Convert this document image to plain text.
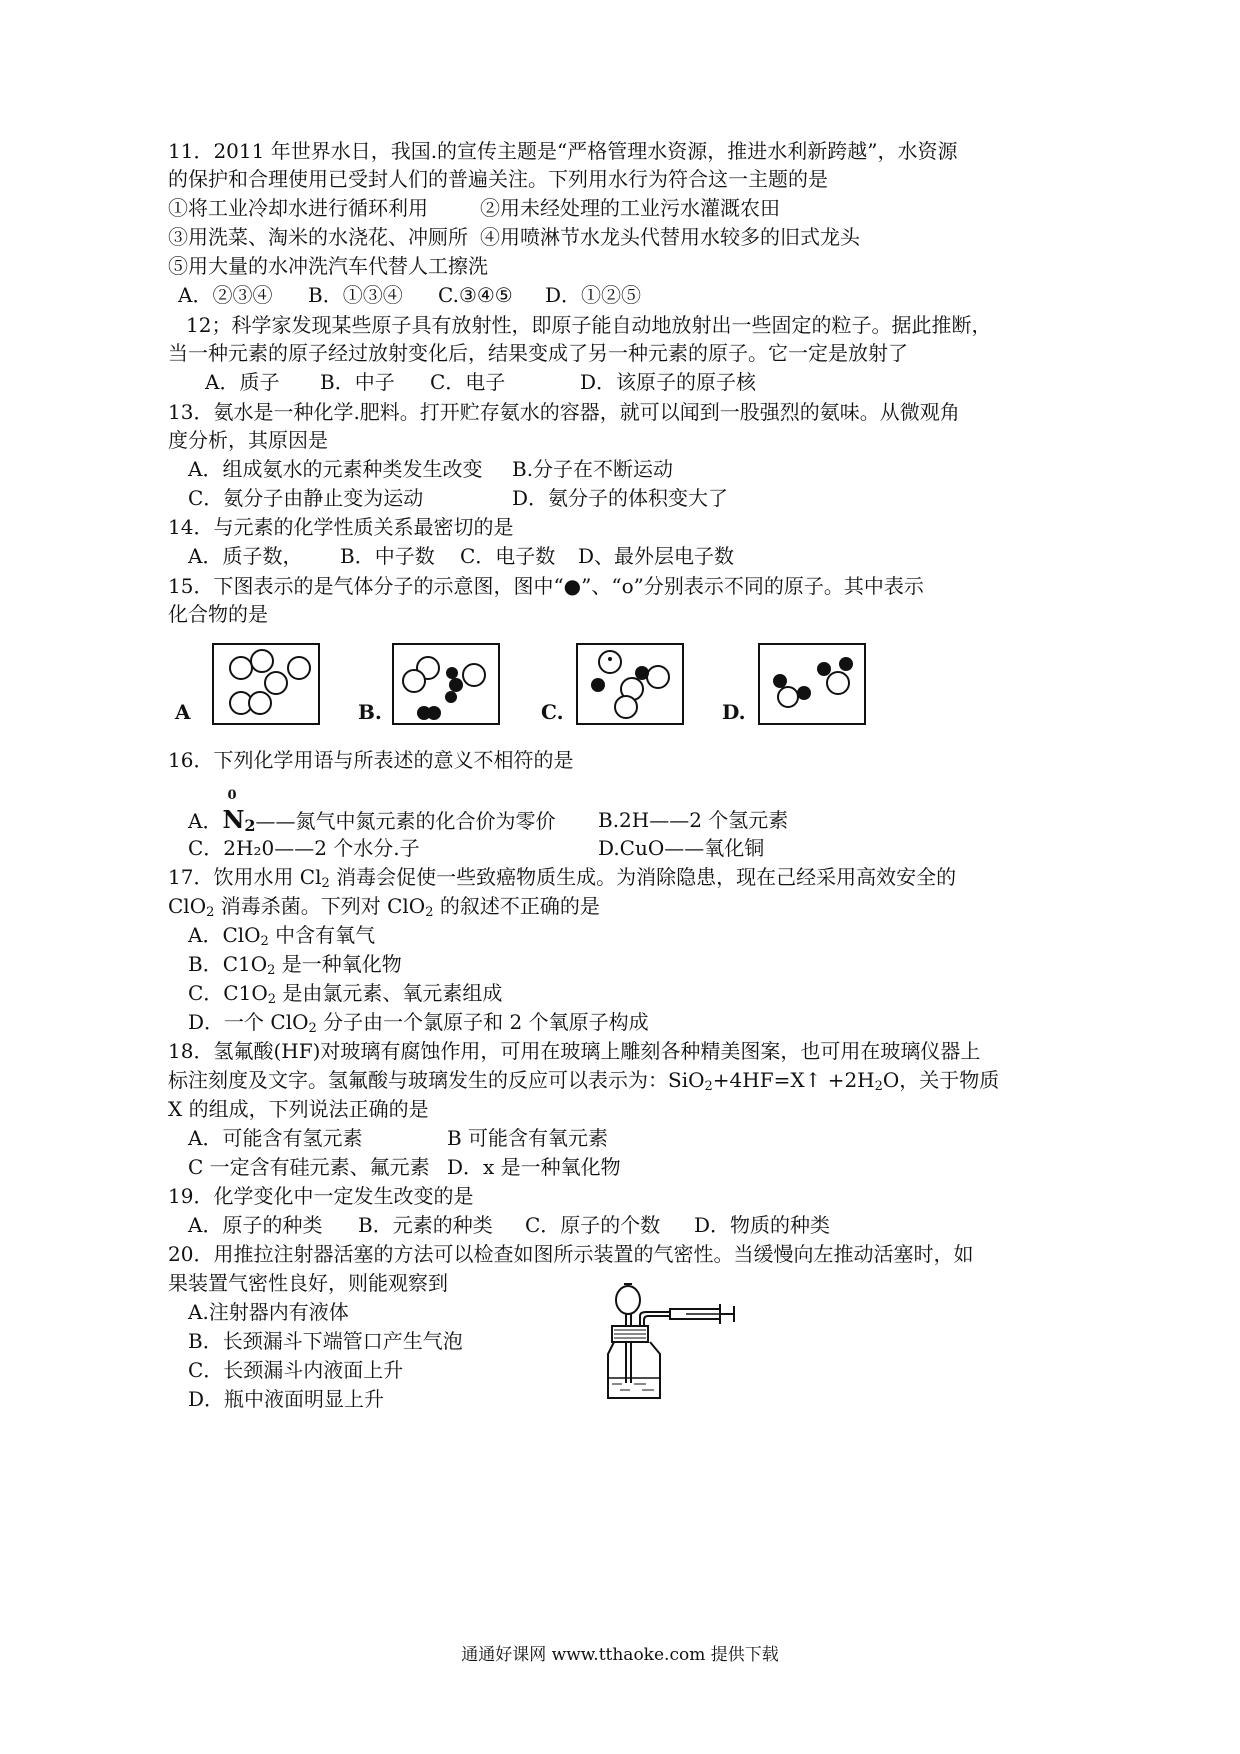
11．2011 年世界水日，我国.的宣传主题是“严格管理水资源，推进水利新跨越”，水资源
的保护和合理使用已受封人们的普遍关注。下列用水行为符合这一主题的是
①将工业冷却水进行循环利用	②用未经处理的工业污水灌溉农田
③用洗菜、淘米的水浇花、冲厕所 ④用喷淋节水龙头代替用水较多的旧式龙头
⑤用大量的水冲洗汽车代替人工擦洗
A．②③④ B．①③④ C.③④⑤ D．①②⑤
12；科学家发现某些原子具有放射性，即原子能自动地放射出一些固定的粒子。据此推断，
当一种元素的原子经过放射变化后，结果变成了另一种元素的原子。它一定是放射了
A．质子 B．中子 C．电子	D．该原子的原子核
13．氨水是一种化学.肥料。打开贮存氨水的容器，就可以闻到一股强烈的氨味。从微观角
度分析，其原因是
A．组成氨水的元素种类发生改变 B.分子在不断运动
C．氨分子由静止变为运动	D．氨分子的体积变大了
14．与元素的化学性质关系最密切的是
A．质子数， B．中子数 C．电子数 D、最外层电子数
15．下图表示的是气体分子的示意图，图中“●”、“o”分别表示不同的原子。其中表示
化合物的是
A	B.	C.	D.
16．下列化学用语与所表述的意义不相符的是
A．
0
$N_2——$氮气中氮元素的化合价为零价 B.2H——2 个氢元素
C．2H₂0——2 个水分.子	D.CuO——氧化铜
17．饮用水用 $Cl_2$ 消毒会促使一些致癌物质生成。为消除隐患，现在己经采用高效安全的
ClO$_2$ 消毒杀菌。下列对 ClO$_2$ 的叙述不正确的是
A．ClO$_2$ 中含有氧气
B．$C1O_2$ 是一种氧化物
C．$C1O_2$ 是由氯元素、氧元素组成
D．一个 ClO$_2$ 分子由一个氯原子和 2 个氧原子构成
18．氢氟酸(HF)对玻璃有腐蚀作用，可用在玻璃上雕刻各种精美图案，也可用在玻璃仪器上
标注刻度及文字。氢氟酸与玻璃发生的反应可以表示为：SiO$_2$+4HF=X↑ $+2H_2O$，关于物质
X 的组成，下列说法正确的是
A．可能含有氢元素	B 可能含有氧元素
C 一定含有硅元素、氟元素 D．x 是一种氧化物
19．化学变化中一定发生改变的是
A．原子的种类 B．元素的种类 C．原子的个数 D．物质的种类
20．用推拉注射器活塞的方法可以检查如图所示装置的气密性。当缓慢向左推动活塞时，如
果装置气密性良好，则能观察到
A.注射器内有液体
B．长颈漏斗下端管口产生气泡
C．长颈漏斗内液面上升
D．瓶中液面明显上升
通通好课网 www.tthaoke.com 提供下载
